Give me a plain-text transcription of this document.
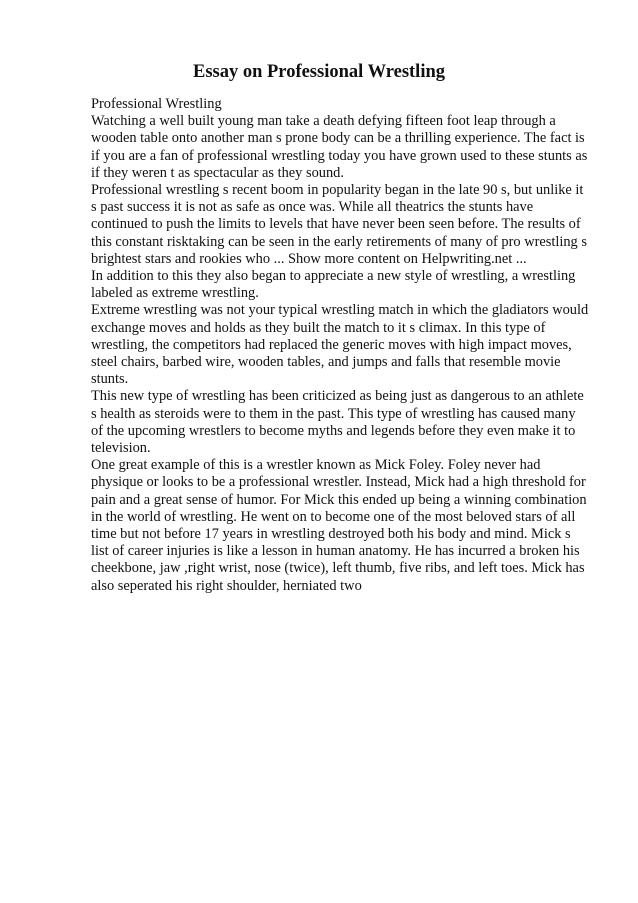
Essay on Professional Wrestling

Professional Wrestling

Watching a well built young man take a death defying fifteen foot leap through a wooden table onto another man s prone body can be a thrilling experience. The fact is if you are a fan of professional wrestling today you have grown used to these stunts as if they weren t as spectacular as they sound.

Professional wrestling s recent boom in popularity began in the late 90 s, but unlike it s past success it is not as safe as once was. While all theatrics the stunts have continued to push the limits to levels that have never been seen before. The results of this constant risktaking can be seen in the early retirements of many of pro wrestling s brightest stars and rookies who ... Show more content on Helpwriting.net ...

In addition to this they also began to appreciate a new style of wrestling, a wrestling labeled as extreme wrestling.

Extreme wrestling was not your typical wrestling match in which the gladiators would exchange moves and holds as they built the match to it s climax. In this type of wrestling, the competitors had replaced the generic moves with high impact moves, steel chairs, barbed wire, wooden tables, and jumps and falls that resemble movie stunts.

This new type of wrestling has been criticized as being just as dangerous to an athlete s health as steroids were to them in the past. This type of wrestling has caused many of the upcoming wrestlers to become myths and legends before they even make it to television.

One great example of this is a wrestler known as Mick Foley. Foley never had physique or looks to be a professional wrestler. Instead, Mick had a high threshold for pain and a great sense of humor. For Mick this ended up being a winning combination in the world of wrestling. He went on to become one of the most beloved stars of all time but not before 17 years in wrestling destroyed both his body and mind. Mick s list of career injuries is like a lesson in human anatomy. He has incurred a broken his cheekbone, jaw ,right wrist, nose (twice), left thumb, five ribs, and left toes. Mick has also seperated his right shoulder, herniated two
